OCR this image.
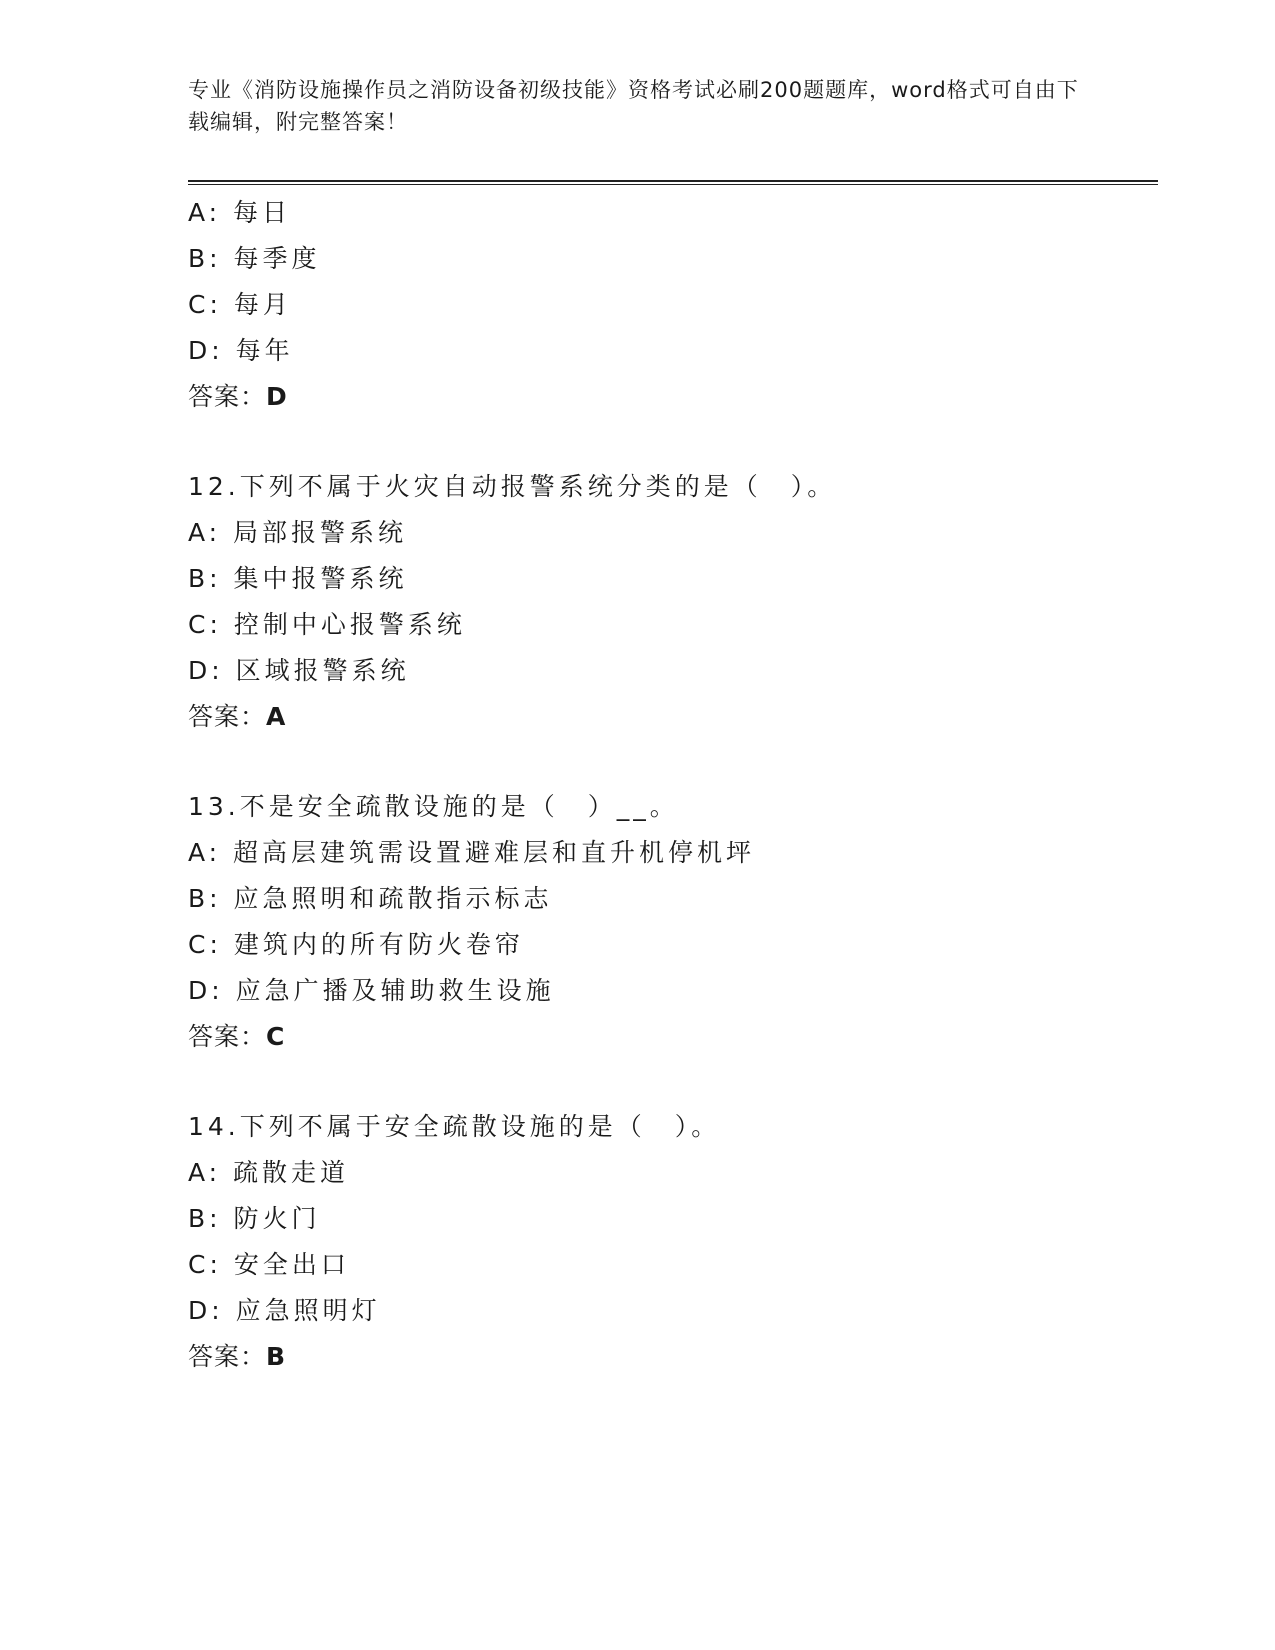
专业《消防设施操作员之消防设备初级技能》资格考试必刷200题题库，word格式可自由下载编辑，附完整答案！
A: 每日
B: 每季度
C: 每月
D: 每年
答案：D
12.下列不属于火灾自动报警系统分类的是（　）。
A: 局部报警系统
B: 集中报警系统
C: 控制中心报警系统
D: 区域报警系统
答案：A
13.不是安全疏散设施的是（　）__。
A: 超高层建筑需设置避难层和直升机停机坪
B: 应急照明和疏散指示标志
C: 建筑内的所有防火卷帘
D: 应急广播及辅助救生设施
答案：C
14.下列不属于安全疏散设施的是（　）。
A: 疏散走道
B: 防火门
C: 安全出口
D: 应急照明灯
答案：B
